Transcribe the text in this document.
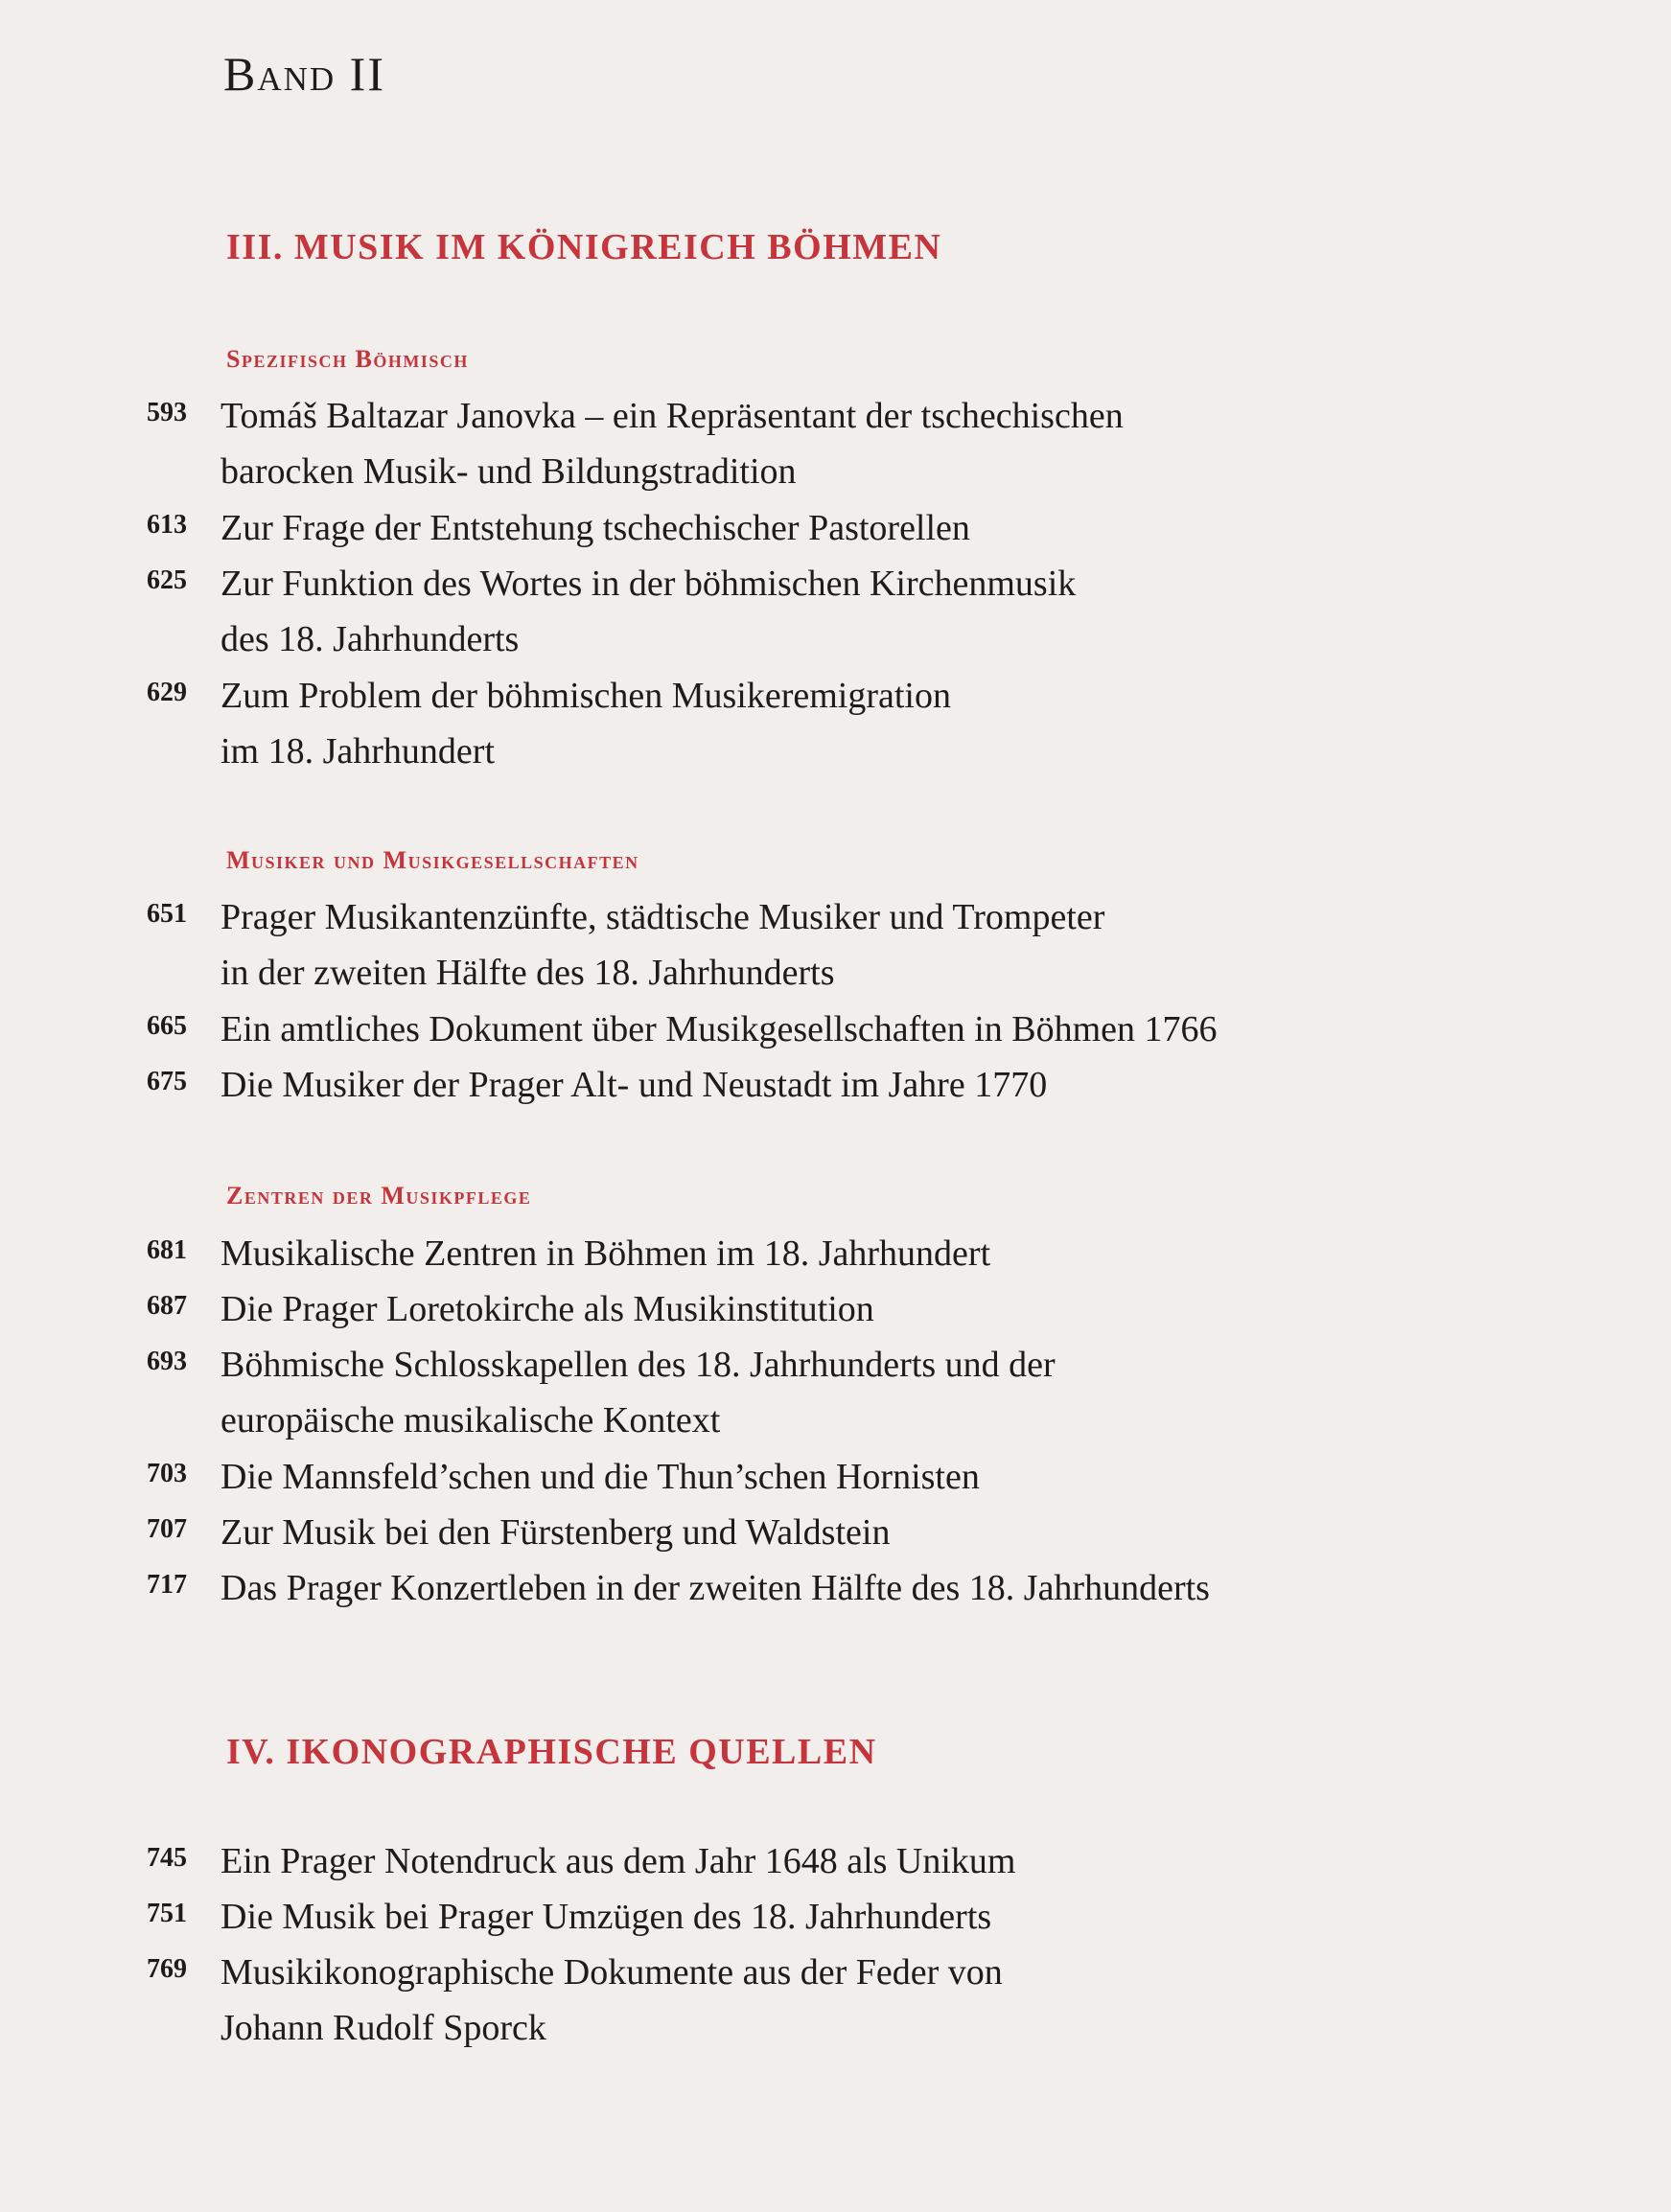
Band II
III. MUSIK IM KÖNIGREICH BÖHMEN
Spezifisch Böhmisch
593 Tomáš Baltazar Janovka – ein Repräsentant der tschechischen
barocken Musik- und Bildungstradition
613 Zur Frage der Entstehung tschechischer Pastorellen
625 Zur Funktion des Wortes in der böhmischen Kirchenmusik
des 18. Jahrhunderts
629 Zum Problem der böhmischen Musikeremigration
im 18. Jahrhundert
Musiker und Musikgesellschaften
651 Prager Musikantenzünfte, städtische Musiker und Trompeter
in der zweiten Hälfte des 18. Jahrhunderts
665 Ein amtliches Dokument über Musikgesellschaften in Böhmen 1766
675 Die Musiker der Prager Alt- und Neustadt im Jahre 1770
Zentren der Musikpflege
681 Musikalische Zentren in Böhmen im 18. Jahrhundert
687 Die Prager Loretokirche als Musikinstitution
693 Böhmische Schlosskapellen des 18. Jahrhunderts und der
europäische musikalische Kontext
703 Die Mannsfeld’schen und die Thun’schen Hornisten
707 Zur Musik bei den Fürstenberg und Waldstein
717 Das Prager Konzertleben in der zweiten Hälfte des 18. Jahrhunderts
IV. IKONOGRAPHISCHE QUELLEN
745 Ein Prager Notendruck aus dem Jahr 1648 als Unikum
751 Die Musik bei Prager Umzügen des 18. Jahrhunderts
769 Musikikonographische Dokumente aus der Feder von
Johann Rudolf Sporck
